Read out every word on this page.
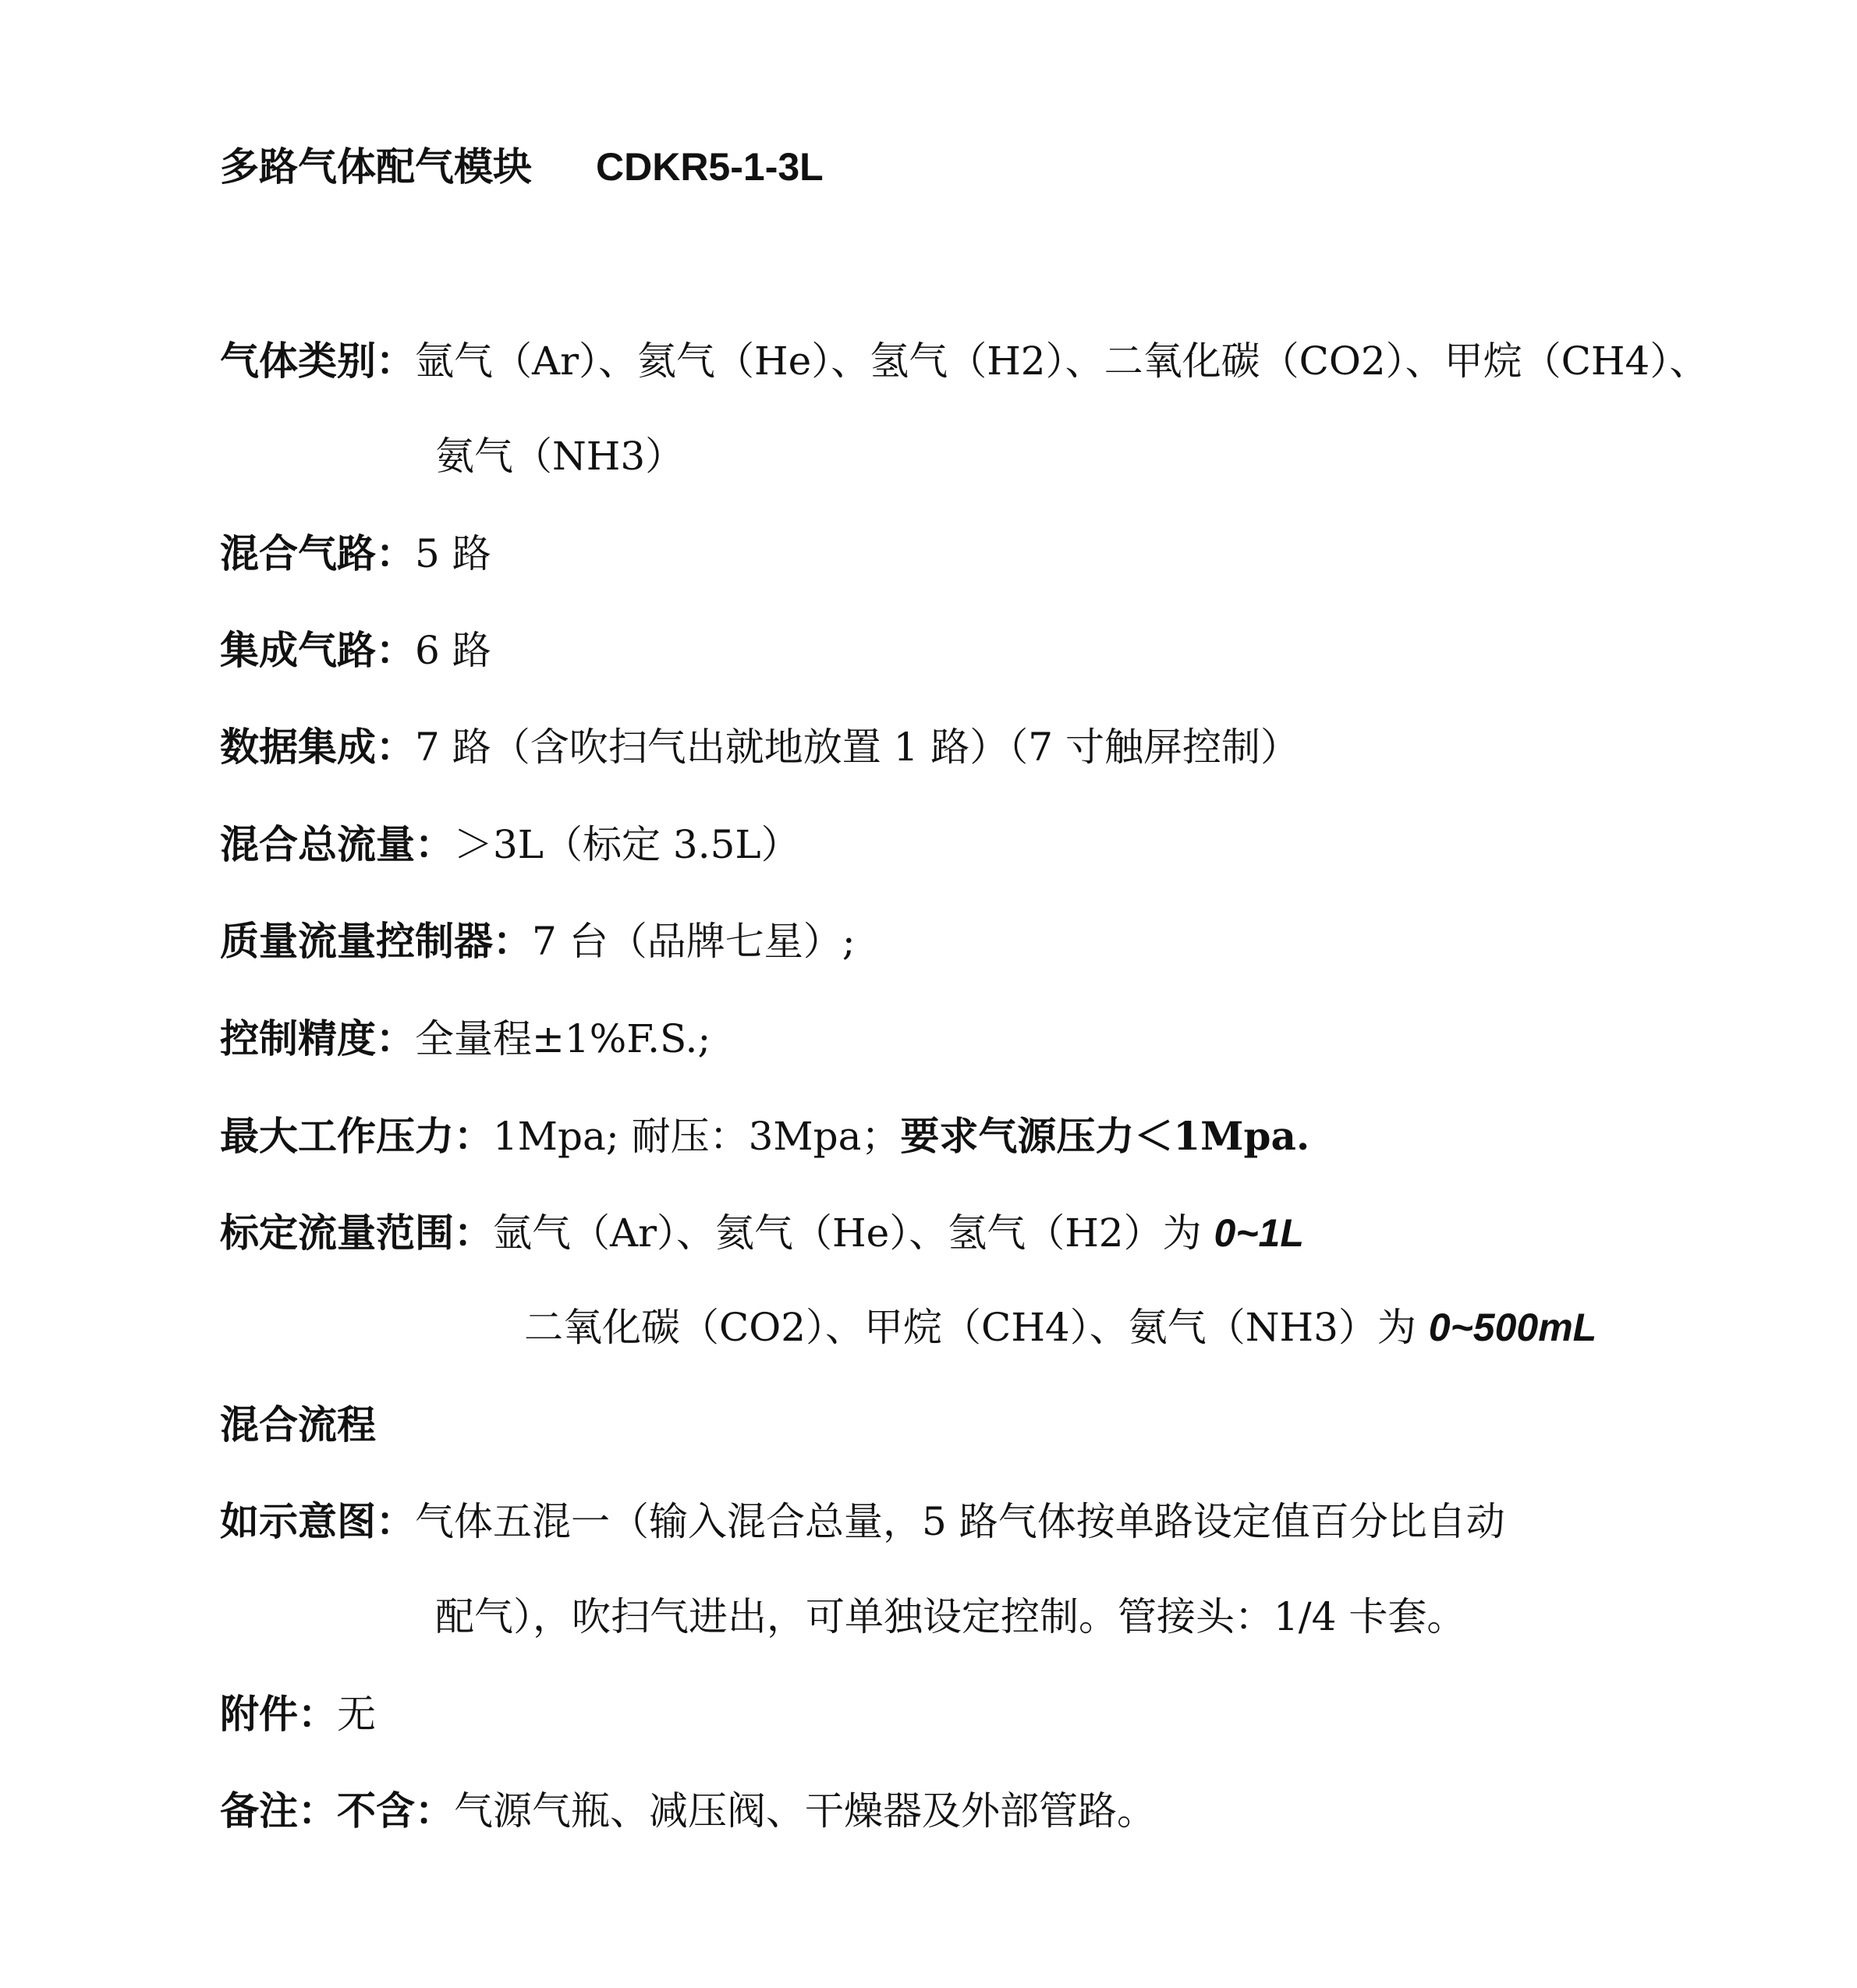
多路气体配气模块 CDKR5-1-3L
气体类别：氩气（Ar）、氦气（He）、氢气（H2）、二氧化碳（CO2）、甲烷（CH4）、
氨气（NH3）
混合气路：5 路
集成气路：6 路
数据集成：7 路（含吹扫气出就地放置 1 路）（7 寸触屏控制）
混合总流量：＞3L（标定 3.5L）
质量流量控制器：7 台（品牌七星）;
控制精度：全量程±1%F.S.;
最大工作压力：1Mpa; 耐压：3Mpa；要求气源压力＜1Mpa.
标定流量范围：氩气（Ar）、氦气（He）、氢气（H2）为 0~1L
二氧化碳（CO2）、甲烷（CH4）、氨气（NH3）为 0~500mL
混合流程
如示意图：气体五混一（输入混合总量，5 路气体按单路设定值百分比自动
配气），吹扫气进出，可单独设定控制。管接头：1/4 卡套。
附件：无
备注：不含：气源气瓶、减压阀、干燥器及外部管路。
